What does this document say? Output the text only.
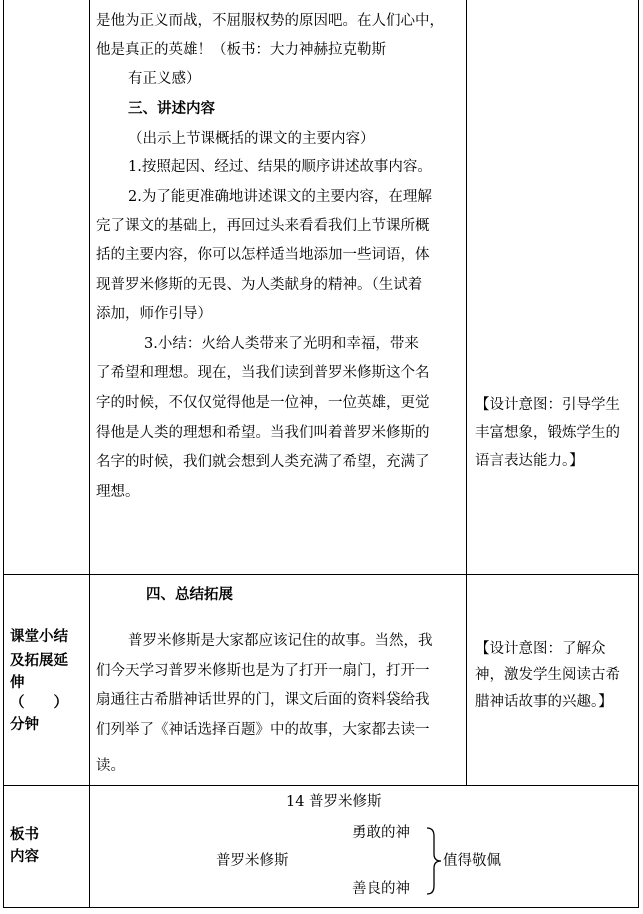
是他为正义而战，不屈服权势的原因吧。在人们心中，
他是真正的英雄！（板书：大力神赫拉克勒斯
有正义感）
三、讲述内容
（出示上节课概括的课文的主要内容）
1.按照起因、经过、结果的顺序讲述故事内容。
2.为了能更准确地讲述课文的主要内容，在理解
完了课文的基础上，再回过头来看看我们上节课所概
括的主要内容，你可以怎样适当地添加一些词语，体
现普罗米修斯的无畏、为人类献身的精神。（生试着
添加，师作引导）
3.小结：火给人类带来了光明和幸福，带来
了希望和理想。现在，当我们读到普罗米修斯这个名
字的时候，不仅仅觉得他是一位神，一位英雄，更觉
得他是人类的理想和希望。当我们叫着普罗米修斯的
名字的时候，我们就会想到人类充满了希望，充满了
理想。
【设计意图：引导学生
丰富想象，锻炼学生的
语言表达能力。】
课堂小结
及拓展延
伸
（　　）
分钟
四、总结拓展
普罗米修斯是大家都应该记住的故事。当然，我
们今天学习普罗米修斯也是为了打开一扇门，打开一
扇通往古希腊神话世界的门，课文后面的资料袋给我
们列举了《神话选择百题》中的故事，大家都去读一
读。
【设计意图：了解众
神，激发学生阅读古希
腊神话故事的兴趣。】
板书
内容
14 普罗米修斯
勇敢的神
普罗米修斯
善良的神
值得敬佩
